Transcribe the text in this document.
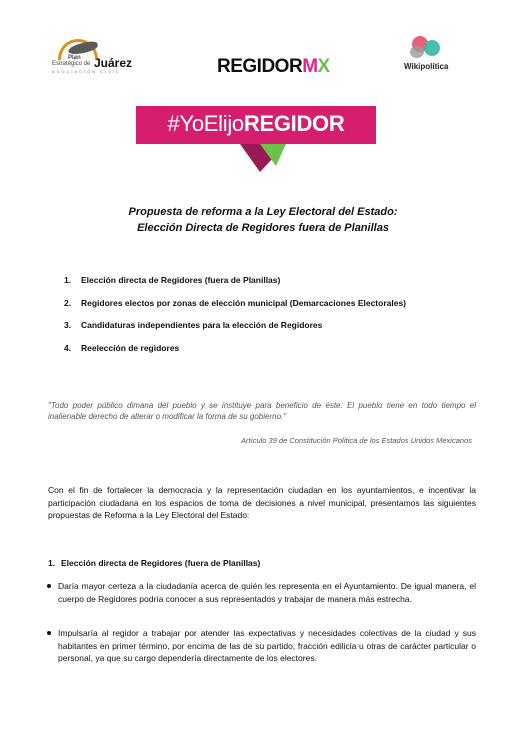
Plan
Estratégico de Juárez
ASOCIACIÓN CIVIL	REGIDORMX	Wikipolítica
#YoElijoREGIDOR
Propuesta de reforma a la Ley Electoral del Estado:
Elección Directa de Regidores fuera de Planillas
1. Elección directa de Regidores (fuera de Planillas)
2. Regidores electos por zonas de elección municipal (Demarcaciones Electorales)
3. Candidaturas independientes para la elección de Regidores
4. Reelección de regidores
"Todo poder público dimana del pueblo y se instituye para beneficio de éste. El pueblo tiene en todo tiempo el inalienable derecho de alterar o modificar la forma de su gobierno."
Artículo 39 de Constitución Política de los Estados Unidos Mexicanos
Con el fin de fortalecer la democracia y la representación ciudadan en los ayuntamientos, e incentivar la participación ciudadana en los espacios de toma de decisiones a nivel municipal, presentamos las siguientes propuestas de Reforma a la Ley Electoral del Estado:
1. Elección directa de Regidores (fuera de Planillas)
Daría mayor certeza a la ciudadanía acerca de quién les representa en el Ayuntamiento. De igual manera, el cuerpo de Regidores podría conocer a sus representados y trabajar de manera más estrecha.
Impulsaría al regidor a trabajar por atender las expectativas y necesidades colectivas de la ciudad y sus habitantes en primer término, por encima de las de su partido, fracción edilicia u otras de carácter particular o personal, ya que su cargo dependería directamente de los electores.
